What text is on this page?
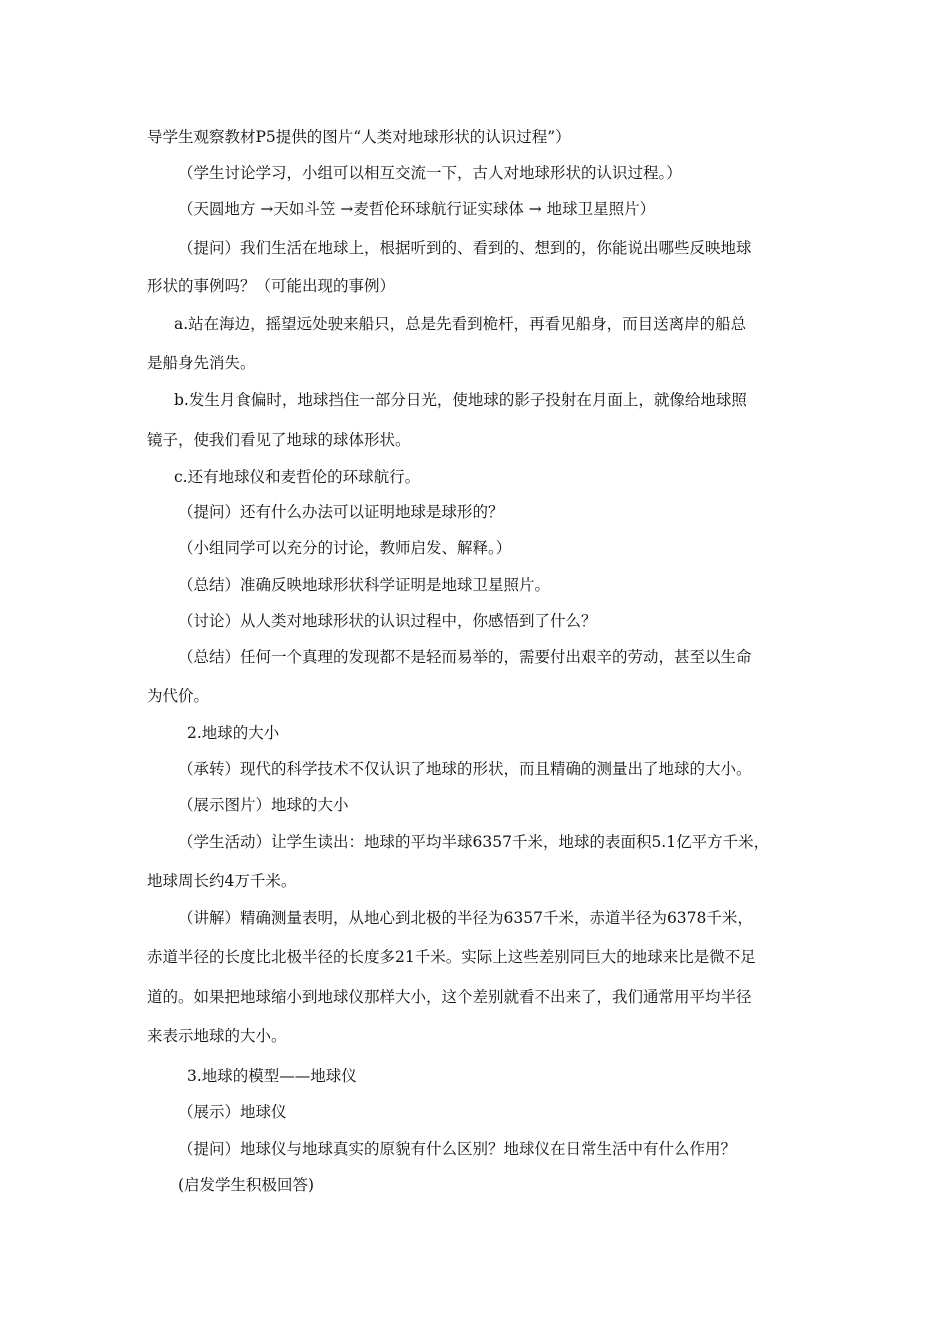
导学生观察教材P5提供的图片“人类对地球形状的认识过程”）
（学生讨论学习，小组可以相互交流一下，古人对地球形状的认识过程。）
（天圆地方 →天如斗笠 →麦哲伦环球航行证实球体 → 地球卫星照片）
（提问）我们生活在地球上，根据听到的、看到的、想到的，你能说出哪些反映地球
形状的事例吗？（可能出现的事例）
a.站在海边，摇望远处驶来船只，总是先看到桅杆，再看见船身，而目送离岸的船总
是船身先消失。
b.发生月食偏时，地球挡住一部分日光，使地球的影子投射在月面上，就像给地球照
镜子，使我们看见了地球的球体形状。
c.还有地球仪和麦哲伦的环球航行。
（提问）还有什么办法可以证明地球是球形的？
（小组同学可以充分的讨论，教师启发、解释。）
（总结）准确反映地球形状科学证明是地球卫星照片。
（讨论）从人类对地球形状的认识过程中，你感悟到了什么？
（总结）任何一个真理的发现都不是轻而易举的，需要付出艰辛的劳动，甚至以生命
为代价。
2.地球的大小
（承转）现代的科学技术不仅认识了地球的形状，而且精确的测量出了地球的大小。
（展示图片）地球的大小
（学生活动）让学生读出：地球的平均半球6357千米，地球的表面积5.1亿平方千米，
地球周长约4万千米。
（讲解）精确测量表明，从地心到北极的半径为6357千米，赤道半径为6378千米，
赤道半径的长度比北极半径的长度多21千米。实际上这些差别同巨大的地球来比是微不足
道的。如果把地球缩小到地球仪那样大小，这个差别就看不出来了，我们通常用平均半径
来表示地球的大小。
3.地球的模型——地球仪
（展示）地球仪
（提问）地球仪与地球真实的原貌有什么区别？地球仪在日常生活中有什么作用？
(启发学生积极回答)
